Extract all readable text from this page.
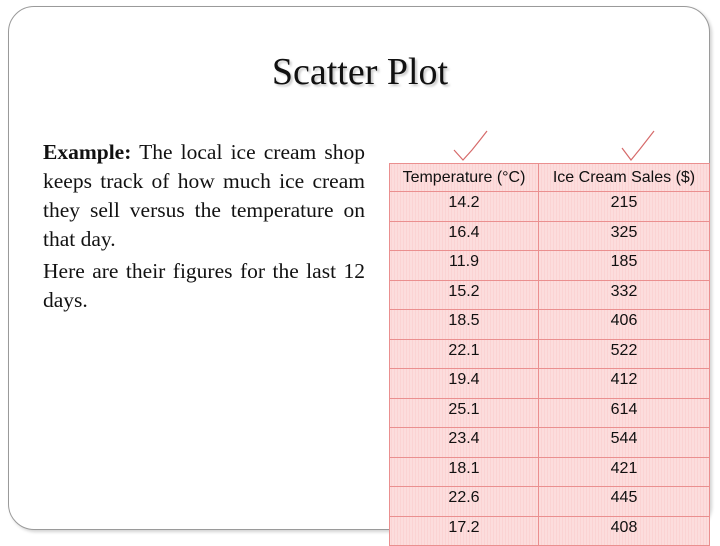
Scatter Plot

Example: The local ice cream shop keeps track of how much ice cream they sell versus the temperature on that day.

Here are their figures for the last 12 days.

Temperature (°C)	Ice Cream Sales ($)
14.2	215
16.4	325
11.9	185
15.2	332
18.5	406
22.1	522
19.4	412
25.1	614
23.4	544
18.1	421
22.6	445
17.2	408
